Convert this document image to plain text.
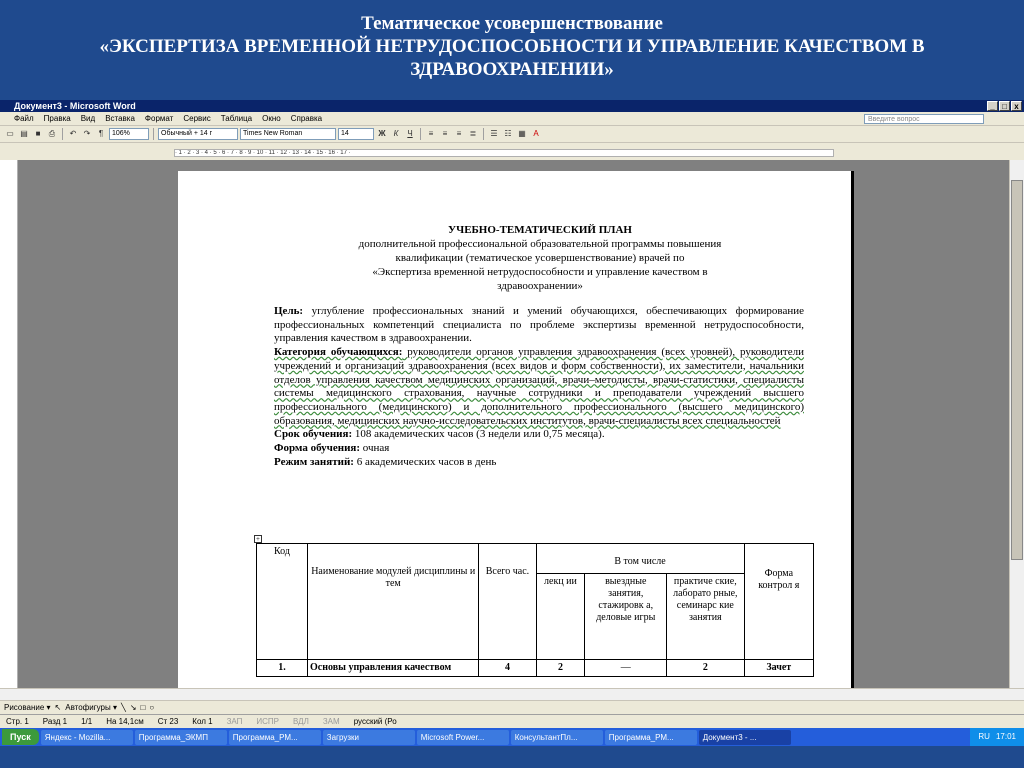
Тематическое усовершенствование
«ЭКСПЕРТИЗА ВРЕМЕННОЙ НЕТРУДОСПОСОБНОСТИ И УПРАВЛЕНИЕ КАЧЕСТВОМ В
ЗДРАВООХРАНЕНИИ»
Документ3 - Microsoft Word	_ □ x
Файл Правка Вид Вставка Формат Сервис Таблица Окно Справка	Введите вопрос
▭ ▤ ■	⎙	↶ ↷	¶	106%	Обычный + 14 г	Times New Roman	14	Ж	К	Ч	≡	≡	≡	≣	☰ ☷ ▦ A
· 1 · 2 · 3 · 4 · 5 · 6 · 7 · 8 · 9 · 10 · 11 · 12 · 13 · 14 · 15 · 16 · 17 ·
УЧЕБНО-ТЕМАТИЧЕСКИЙ ПЛАН
дополнительной профессиональной образовательной программы повышения
квалификации (тематическое усовершенствование) врачей по
«Экспертиза временной нетрудоспособности и управление качеством в
здравоохранении»

Цель: углубление профессиональных знаний и умений обучающихся, обеспечивающих формирование профессиональных компетенций специалиста по проблеме экспертизы временной нетрудоспособности, управления качеством в здравоохранении.

Категория обучающихся: руководители органов управления здравоохранения (всех уровней), руководители учреждений и организаций здравоохранения (всех видов и форм собственности), их заместители, начальники отделов управления качеством медицинских организаций, врачи–методисты, врачи-статистики, специалисты системы медицинского страхования, научные сотрудники и преподаватели учреждений высшего профессионального (медицинского) и дополнительного профессионального (высшего медицинского) образования, медицинских научно-исследовательских институтов, врачи-специалисты всех специальностей

Срок обучения: 108 академических часов (3 недели или 0,75 месяца).

Форма обучения: очная

Режим занятий: 6 академических часов в день

+
Код	Наименование модулей дисциплины и тем	Всего час.	В том числе			Форма контрол я
			лекц ии	выездные занятия, стажировк а, деловые игры	практиче ские, лаборато рные, семинарс кие занятия	
1.	Основы управления качеством	4	2	—	2	Зачет
Рисование ▾ ↖ Автофигуры ▾ ╲ ↘ □ ○
Стр. 1 Разд 1 1/1 На 14,1см Ст 23 Кол 1 ЗАП ИСПР ВДЛ ЗАМ русский (Ро
Пуск	Яндекс - Mozilla...	Программа_ЭКМП	Программа_РМ...	Загрузки	Microsoft Power...	КонсультантПл...	Программа_РМ...	Документ3 - ...	RU 17:01
